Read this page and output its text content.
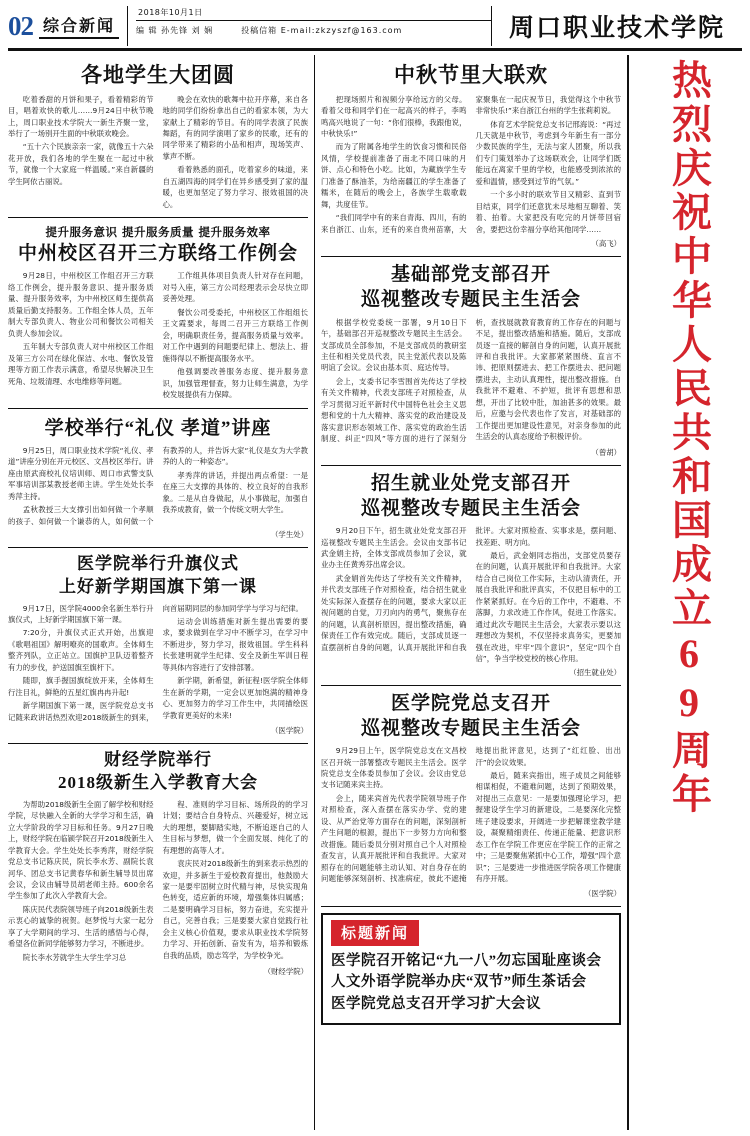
02 综合新闻
2018年10月1日
编 辑 孙先锋 刘 娴	投稿信箱 E-mail:zkzyszf@163.com	周口职业技术学院
各地学生大团圆

吃着香甜的月饼和果子，看着精彩的节目，唱着欢快的歌儿……9月24日中秋节晚上，周口职业技术学院大一新生齐聚一堂，举行了一场别开生面的中秋联欢晚会。

“五十六个民族亲亲一家，就像五十六朵花开放，我们各地的学生聚在一起过中秋节，就像一个大家庭一样温暖。”来自新疆的学生阿依古丽说。

晚会在欢快的歌舞中拉开序幕，来自各地的同学们纷纷拿出自己的看家本领，为大家献上了精彩的节目。有的同学表演了民族舞蹈，有的同学演唱了家乡的民歌，还有的同学带来了精彩的小品和相声，现场笑声、掌声不断。

看着熟悉的面孔，吃着家乡的味道，来自五湖四海的同学们在异乡感受到了家的温暖，也更加坚定了努力学习、报效祖国的决心。

提升服务意识 提升服务质量 提升服务效率
中州校区召开三方联络工作例会

9月28日，中州校区工作组召开三方联络工作例会，提升服务意识、提升服务质量、提升服务效率，为中州校区师生提供高质量后勤支持服务。工作组全体人员，五年制大专部负责人、物业公司和餐饮公司相关负责人参加会议。

五年制大专部负责人对中州校区工作组及第三方公司在绿化保洁、水电、餐饮及管理等方面工作表示满意，希望尽快解决卫生死角、垃圾清理、水电维修等问题。

工作组具体项目负责人针对存在问题，对号入座，第三方公司经理表示会尽快立即妥善处理。

餐饮公司受委托，中州校区工作组组长王文霞要求，每周二召开三方联络工作例会，明确职责任务，提高服务质量与效率。对工作中遇到的问题要纪律上、想法上、措施得得以不断提高服务水平。

他强调要改善服务态度、提升服务意识，加强管理督查，努力让师生满意，为学校发展提供有力保障。

学校举行“礼仪 孝道”讲座

9月25日，周口职业技术学院“礼仪、孝道”讲座分别在开元校区、文昌校区举行。讲座由原武商校礼仪培训师、周口市武警支队军事培训部某教授老师主讲。学生处处长李秀萍主持。

孟秋教授三大支撑引出如何做一个孝顺的孩子、如何做一个谦恭的人，如何做一个有教养的人，并告诉大家“礼仪是女为大学教养的人的一种姿态”。

孝秀萍的讲话，并提出两点希望：一是在座三大支撑的具体的、校立良好的自我形象。二是从自身做起，从小事做起，加强自我养成教育，做一个传统文明大学生。

（学生处）
医学院举行升旗仪式
上好新学期国旗下第一课

9月17日，医学院4000余名新生举行升旗仪式，上好新学期国旗下第一课。

7:20分，升旗仪式正式开始，出旗迎《歌唱祖国》解明嘹亮的国歌声。全体师生整齐列队，立正站立。国旗护卫队迈着整齐有力的步伐，护送国旗至旗杆下。

随即，旗手握国旗绽放开来，全体师生行注目礼，鲜艳的五星红旗冉冉升起!

新学期国旗下第一课，医学院党总支书记随来政讲话热烈欢迎2018级新生的到来，向首届期同层的参加同学学与学习与纪律。

运动会训练措施对新生提出需要的要求，要求做到在学习中不断学习，在学习中不断进步，努力学习，报效祖国。学生科科长张建明就学生纪律、安全及新生军训日程等具体内容进行了安排部署。

新学期，新希望，新征程!医学院全体师生在新的学期，一定会以更加饱满的精神身心、更加努力的学习工作生中，共同描绘医学教育更美好的未来!

（医学院）
财经学院举行
2018级新生入学教育大会

为帮助2018级新生全面了解学校和财经学院，尽快融入全新的大学学习和生活，确立大学阶段的学习目标和任务。9月27日晚上，财经学院在临颍学院召开2018级新生入学教育大会。学生处处长李秀萍，财经学院党总支书记陈庆民，院长李水芳、副院长袁河华、团总支书记黄春华和新生辅导员出席会议，会议由辅导员胡老师主持。600余名学生参加了此次入学教育大会。

陈庆民代表院领导班子向2018级新生表示衷心的诚挚的祝贺。赵梦悦与大家一起分享了大学期间的学习、生活的感悟与心得，希望各位新同学能够努力学习，不断进步。

院长李水芳就学生大学生学习总

程、准则的学习目标、场所段的的学习计划；要结合自身特点、兴趣爱好，树立远大的理想，要脚踏实地，不断追逐自己的人生目标与梦想，做一个全面发展、纯化了的有理想的高等人才。

袁庆民对2018级新生的到来表示热烈的欢迎，并多新生于爱校教育提出，他鼓励大家一是要牢固树立时代精与神，尽快实现角色转变，适应新的环境，增强集体归属感；二是要明确学习目标，努力奋进，充实提升自己，完善自我；三是要要大家自觉践行社会主义核心价值观，要求从职业技术学院努力学习、开拓创新、奋发有为，培养和锻炼自我的品质，励志笃学，为学校争光。

（财经学院）
中秋节里大联欢

把现场照片和视频分享给远方的父母。看着父母和同学们在一起高兴的样子，李鸣鸣高兴地说了一句：“你们很棒，我跟他说，中秋快乐!”

而为了附属各地学生的饮食习惯和民俗风情，学校提前准备了南北不同口味的月饼、点心和特色小吃。比如，为藏族学生专门准备了酥油茶，为给南疆江的学生准备了糯米，在随后的晚会上，各族学生载歌载舞，共度佳节。

“我们同学中有的来自青海、四川，有的来自浙江、山东，还有的来自贵州苗寨，大家聚集在一起庆祝节日，我觉得这个中秋节非常快乐!”来自浙江台州的学生张莉莉说。

体育艺术学院党总支书记邢海说：“再过几天就是中秋节，考虑到今年新生有一部分少数民族的学生，无法与家人团聚，所以我们专门策划举办了这场联欢会，让同学们既能远在离家千里的学校，也能感受到浓浓的爱和温情，感受到过节的气氛。”

一个多小时的联欢节目又精彩、直到节目结束，同学们还意犹未尽地相互聊着、笑着、拍着。大家把没有吃完的月饼带回宿舍，要把这份幸福分享给其他同学……

（高飞）
基础部党支部召开
巡视整改专题民主生活会

根据学校党委统一部署，9月10日下午，基础部召开巡视整改专题民主生活会。支部成员全部参加，不是支部成员的教研室主任和相关党员代表，民主党派代表以及陈明谊了会议。会议由基本页、庭达传导。

会上，支委书记李雪围首先传达了学校有关文件精神，代表支部班子对照检查，从学习贯彻习近平新时代中国特色社会主义思想和党的十九大精神、落实党的政治建设及落实意识形态领域工作、落实党的政治生活制度、纠正“四风”等方面的进行了深刻分析，查找展就教育教育的工作存在的问题与不足，提出整改措施和措施。随后，支部成员逐一直接的解剖自身的问题，认真开展批评和自我批评。大家都紧紧围绕、直言不讳、把原则摆进去、把工作摆进去、把问题摆进去，主动认真理性，提出整改措施。自我批评不避难、不护短，批评有思想和思想，开出了比较中肚，加油甚多的效果。最后，应邀与会代表也作了发言，对基础部的工作提出更加建设性意见，对亲身参加的此生活会的认真态度给予积极评价。

（曾胡）
招生就业处党支部召开
巡视整改专题民主生活会

9月20日下午，招生就业处党支部召开巡视整改专题民主生活会。会议由支部书记武金娟主持，全体支部成员参加了会议，就业办主任黄秀芬出席会议。

武金娟首先传达了学校有关文件精神，并代表支部班子作对照检查，结合招生就业处实际深入查摆存在的问题，要求大家以正视问题的自觉，刀刃向内的勇气，聚焦存在的问题，认真剖析原因，提出整改措施，确保责任工作有效完成。随后，支部成员逐一直摆剖析自身的问题，认真开展批评和自我批评。大家对照检查、实事求是，摆问题、找差距、明方向。

最后，武金娟同志指出，支部党员要存在的问题，认真开展批评和自我批评。大家结合自己岗位工作实际，主动认清责任，开展自我批评和批评真实，不仅把目标中的工作紧紧抓好。在今后的工作中，不避难、不落脚，力求改进工作作风，促进工作落实。通过此次专题民主生活会，大家表示要以这理想改为契机，不仅坚持求真务实，更要加强在改进，牢牢“四个意识”，坚定“四个自信”，争当学校党校的核心作用。

（招生就业处）
医学院党总支召开
巡视整改专题民主生活会

9月29日上午，医学院党总支在文昌校区召开统一部署整改专题民主生活会。医学院党总支全体委员参加了会议。会议由党总支书记随来宾主持。

会上，随来宾首先代表学院领导班子作对照检查，深入查摆在落实办学、党的建设、从严治党等方面存在的问题，深刻剖析产生问题的根源，提出下一步努力方向和整改措施。随后委员分别对照自己个人对照检查发言，认真开展批评和自我批评。大家对照存在的问题能够主动认知、对自身存在的问题能够深刻剖析、找准病症，彼此不遮掩地提出批评意见，达到了“红红脸、出出汗”的会议效果。

最后，随来宾指出，班子成员之间能够相谋相促，不避难问题，达到了预期效果，对提出三点意见：一是要加强理论学习，把握建设学生学习的新建设，二是要深化完整班子建设要求，开阔进一步把解课堂教学建设，凝聚精细责任、传递正能量、把意识形态工作在学院工作更应在学院工作的正常之中；三是要聚焦紧抓中心工作，增强“四个意识”；三是要进一步推进医学院各项工作健康有序开展。

（医学院）
标题新闻
医学院召开铭记“九一八”勿忘国耻座谈会
人文外语学院举办庆“双节”师生茶话会
医学院党总支召开学习扩大会议
热烈庆祝中华人民共和国成立69周年
